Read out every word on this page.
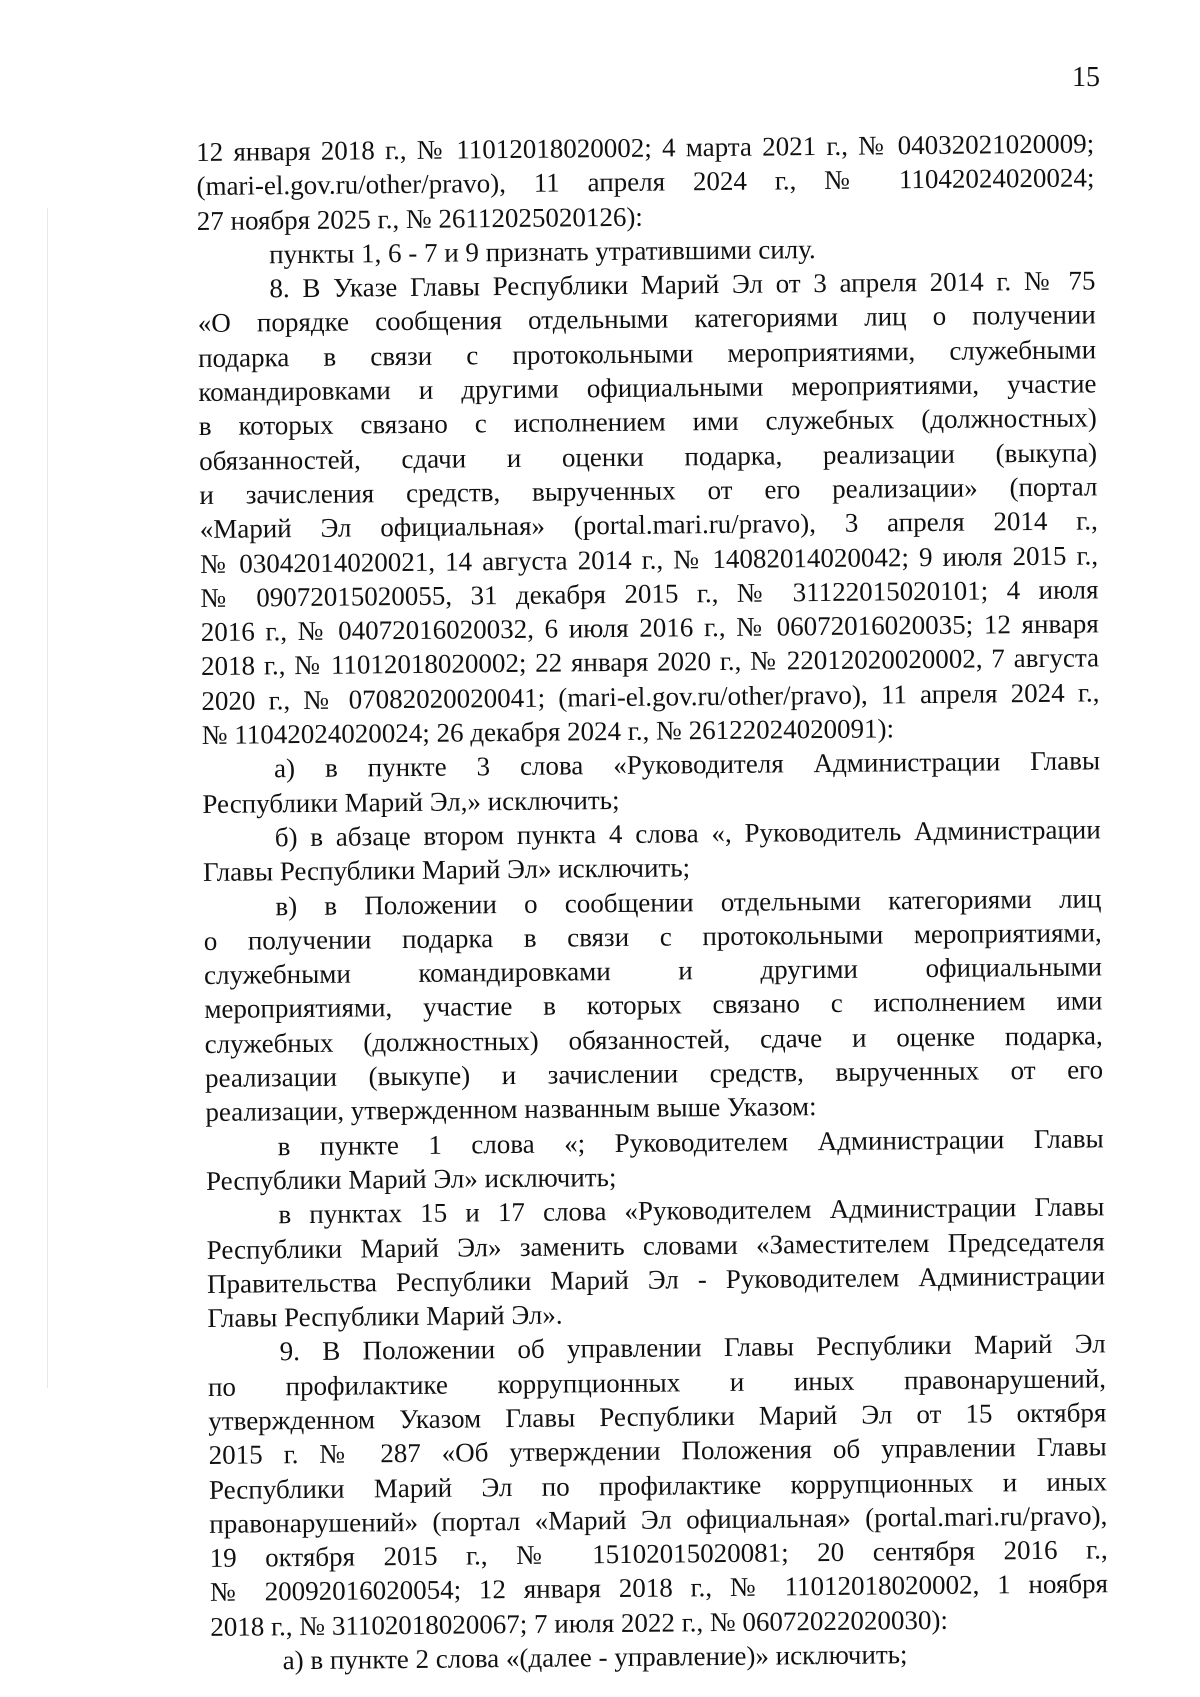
15
12 января 2018 г., № 11012018020002; 4 марта 2021 г., № 04032021020009;
(mari-el.gov.ru/other/pravo), 11 апреля 2024 г., № 11042024020024;
27 ноября 2025 г., № 26112025020126):
пункты 1, 6 - 7 и 9 признать утратившими силу.
8. В Указе Главы Республики Марий Эл от 3 апреля 2014 г. № 75
«О порядке сообщения отдельными категориями лиц о получении
подарка в связи с протокольными мероприятиями, служебными
командировками и другими официальными мероприятиями, участие
в которых связано с исполнением ими служебных (должностных)
обязанностей, сдачи и оценки подарка, реализации (выкупа)
и зачисления средств, вырученных от его реализации» (портал
«Марий Эл официальная» (portal.mari.ru/pravo), 3 апреля 2014 г.,
№ 03042014020021, 14 августа 2014 г., № 14082014020042; 9 июля 2015 г.,
№ 09072015020055, 31 декабря 2015 г., № 31122015020101; 4 июля
2016 г., № 04072016020032, 6 июля 2016 г., № 06072016020035; 12 января
2018 г., № 11012018020002; 22 января 2020 г., № 22012020020002, 7 августа
2020 г., № 07082020020041; (mari-el.gov.ru/other/pravo), 11 апреля 2024 г.,
№ 11042024020024; 26 декабря 2024 г., № 26122024020091):
а) в пункте 3 слова «Руководителя Администрации Главы
Республики Марий Эл,» исключить;
б) в абзаце втором пункта 4 слова «, Руководитель Администрации
Главы Республики Марий Эл» исключить;
в) в Положении о сообщении отдельными категориями лиц
о получении подарка в связи с протокольными мероприятиями,
служебными командировками и другими официальными
мероприятиями, участие в которых связано с исполнением ими
служебных (должностных) обязанностей, сдаче и оценке подарка,
реализации (выкупе) и зачислении средств, вырученных от его
реализации, утвержденном названным выше Указом:
в пункте 1 слова «; Руководителем Администрации Главы
Республики Марий Эл» исключить;
в пунктах 15 и 17 слова «Руководителем Администрации Главы
Республики Марий Эл» заменить словами «Заместителем Председателя
Правительства Республики Марий Эл - Руководителем Администрации
Главы Республики Марий Эл».
9. В Положении об управлении Главы Республики Марий Эл
по профилактике коррупционных и иных правонарушений,
утвержденном Указом Главы Республики Марий Эл от 15 октября
2015 г. № 287 «Об утверждении Положения об управлении Главы
Республики Марий Эл по профилактике коррупционных и иных
правонарушений» (портал «Марий Эл официальная» (portal.mari.ru/pravo),
19 октября 2015 г., № 15102015020081; 20 сентября 2016 г.,
№ 20092016020054; 12 января 2018 г., № 11012018020002, 1 ноября
2018 г., № 31102018020067; 7 июля 2022 г., № 06072022020030):
а) в пункте 2 слова «(далее - управление)» исключить;
